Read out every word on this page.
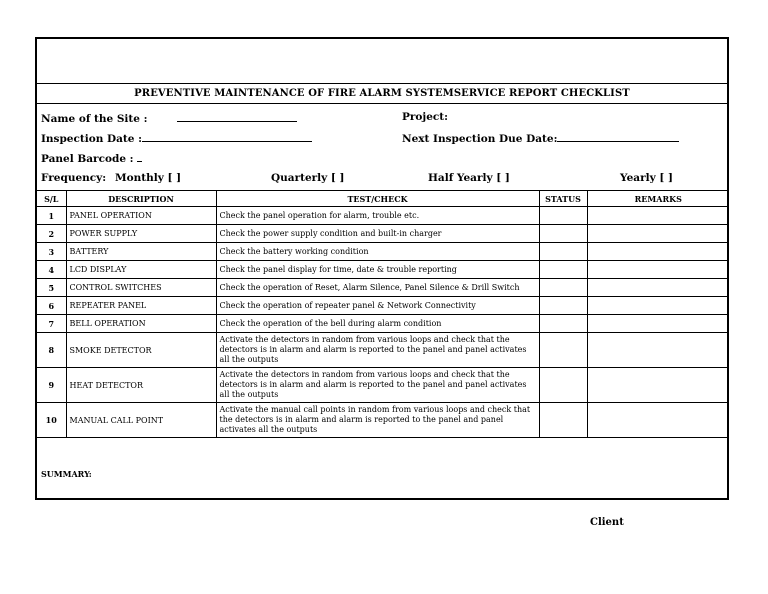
PREVENTIVE MAINTENANCE OF FIRE ALARM SYSTEMSERVICE REPORT CHECKLIST
Name of the Site :	Project:
Inspection Date :	Next Inspection Due Date:
Panel Barcode :
Frequency: Monthly [ ]	Quarterly [ ]	Half Yearly [ ]	Yearly [ ]
S/L	DESCRIPTION	TEST/CHECK	STATUS	REMARKS
1	PANEL OPERATION	Check the panel operation for alarm, trouble etc.		
2	POWER SUPPLY	Check the power supply condition and built-in charger		
3	BATTERY	Check the battery working condition		
4	LCD DISPLAY	Check the panel display for time, date & trouble reporting		
5	CONTROL SWITCHES	Check the operation of Reset, Alarm Silence, Panel Silence & Drill Switch		
6	REPEATER PANEL	Check the operation of repeater panel & Network Connectivity		
7	BELL OPERATION	Check the operation of the bell during alarm condition		
8	SMOKE DETECTOR	Activate the detectors in random from various loops and check that the detectors is in alarm and alarm is reported to the panel and panel activates all the outputs		
9	HEAT DETECTOR	Activate the detectors in random from various loops and check that the detectors is in alarm and alarm is reported to the panel and panel activates all the outputs		
10	MANUAL CALL POINT	Activate the manual call points in random from various loops and check that the detectors is in alarm and alarm is reported to the panel and panel activates all the outputs		
SUMMARY:
Client
